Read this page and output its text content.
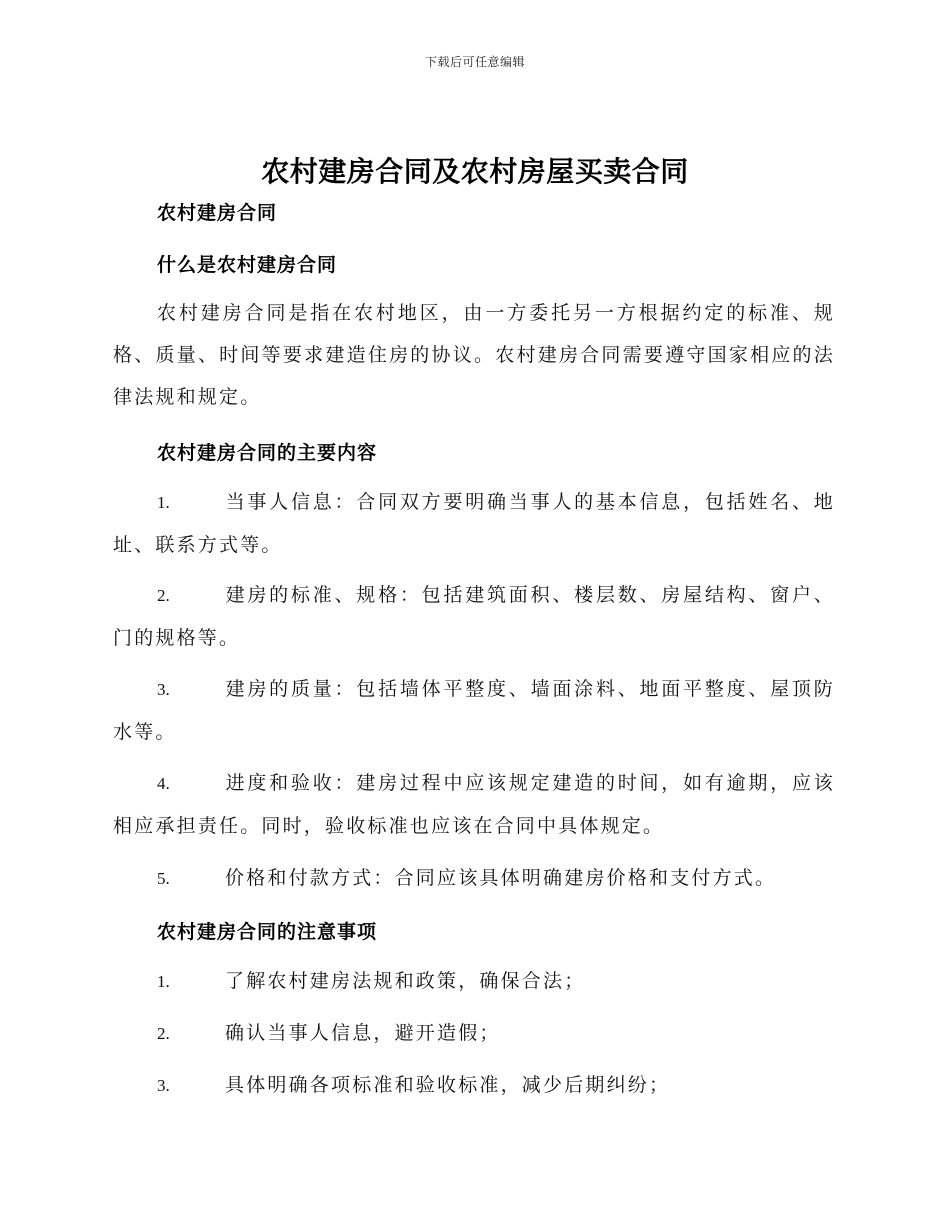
下载后可任意编辑
农村建房合同及农村房屋买卖合同
农村建房合同
什么是农村建房合同
农村建房合同是指在农村地区，由一方委托另一方根据约定的标准、规格、质量、时间等要求建造住房的协议。农村建房合同需要遵守国家相应的法律法规和规定。
农村建房合同的主要内容
1.	当事人信息：合同双方要明确当事人的基本信息，包括姓名、地址、联系方式等。
2.	建房的标准、规格：包括建筑面积、楼层数、房屋结构、窗户、门的规格等。
3.	建房的质量：包括墙体平整度、墙面涂料、地面平整度、屋顶防水等。
4.	进度和验收：建房过程中应该规定建造的时间，如有逾期，应该相应承担责任。同时，验收标准也应该在合同中具体规定。
5.	价格和付款方式：合同应该具体明确建房价格和支付方式。
农村建房合同的注意事项
1.	了解农村建房法规和政策，确保合法；
2.	确认当事人信息，避开造假；
3.	具体明确各项标准和验收标准，减少后期纠纷；
